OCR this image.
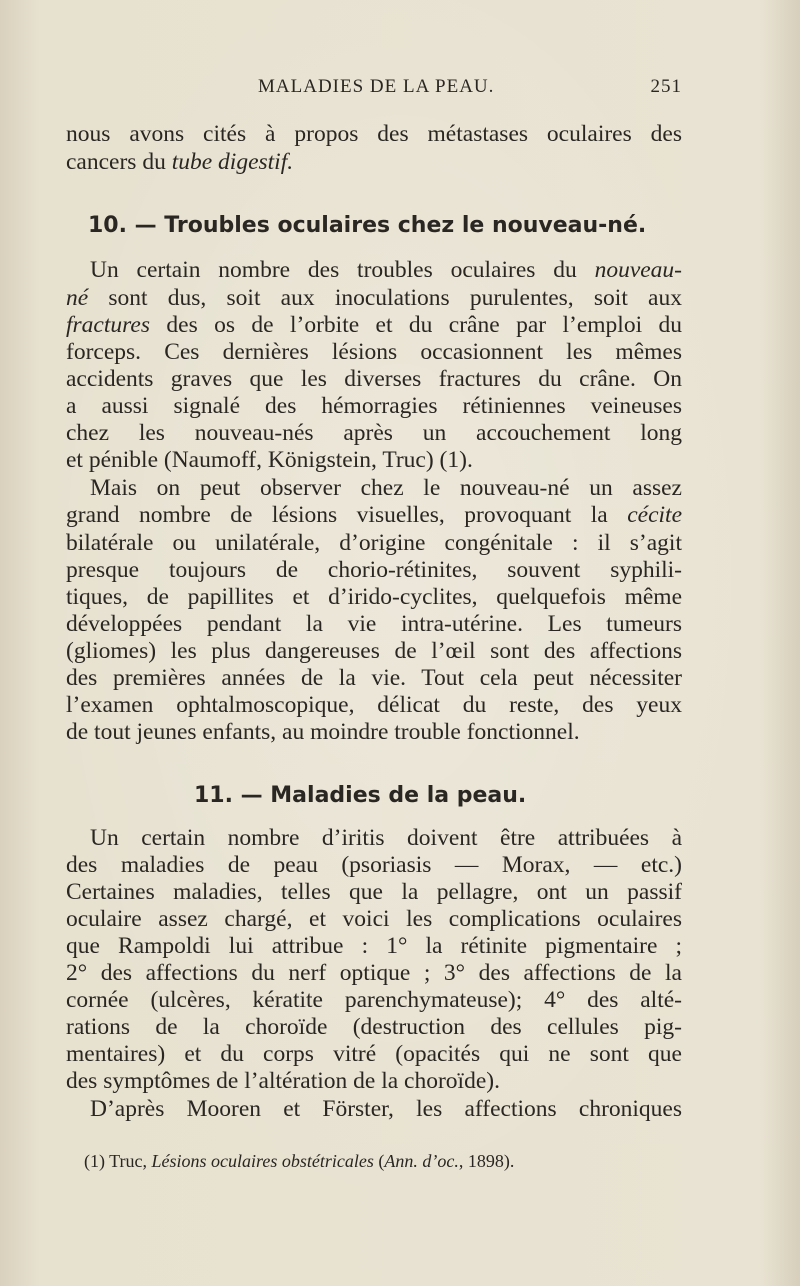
MALADIES DE LA PEAU.	251
nous avons cités à propos des métastases oculaires des
cancers du tube digestif.
10. — Troubles oculaires chez le nouveau-né.
Un certain nombre des troubles oculaires du nouveau-
né sont dus, soit aux inoculations purulentes, soit aux
fractures des os de l’orbite et du crâne par l’emploi du
forceps. Ces dernières lésions occasionnent les mêmes
accidents graves que les diverses fractures du crâne. On
a aussi signalé des hémorragies rétiniennes veineuses
chez les nouveau-nés après un accouchement long
et pénible (Naumoff, Königstein, Truc) (1).
Mais on peut observer chez le nouveau-né un assez
grand nombre de lésions visuelles, provoquant la cécite
bilatérale ou unilatérale, d’origine congénitale : il s’agit
presque toujours de chorio-rétinites, souvent syphili-
tiques, de papillites et d’irido-cyclites, quelquefois même
développées pendant la vie intra-utérine. Les tumeurs
(gliomes) les plus dangereuses de l’œil sont des affections
des premières années de la vie. Tout cela peut nécessiter
l’examen ophtalmoscopique, délicat du reste, des yeux
de tout jeunes enfants, au moindre trouble fonctionnel.
11. — Maladies de la peau.
Un certain nombre d’iritis doivent être attribuées à
des maladies de peau (psoriasis — Morax, — etc.)
Certaines maladies, telles que la pellagre, ont un passif
oculaire assez chargé, et voici les complications oculaires
que Rampoldi lui attribue : 1° la rétinite pigmentaire ;
2° des affections du nerf optique ; 3° des affections de la
cornée (ulcères, kératite parenchymateuse); 4° des alté-
rations de la choroïde (destruction des cellules pig-
mentaires) et du corps vitré (opacités qui ne sont que
des symptômes de l’altération de la choroïde).
D’après Mooren et Förster, les affections chroniques
(1) Truc, Lésions oculaires obstétricales (Ann. d’oc., 1898).
